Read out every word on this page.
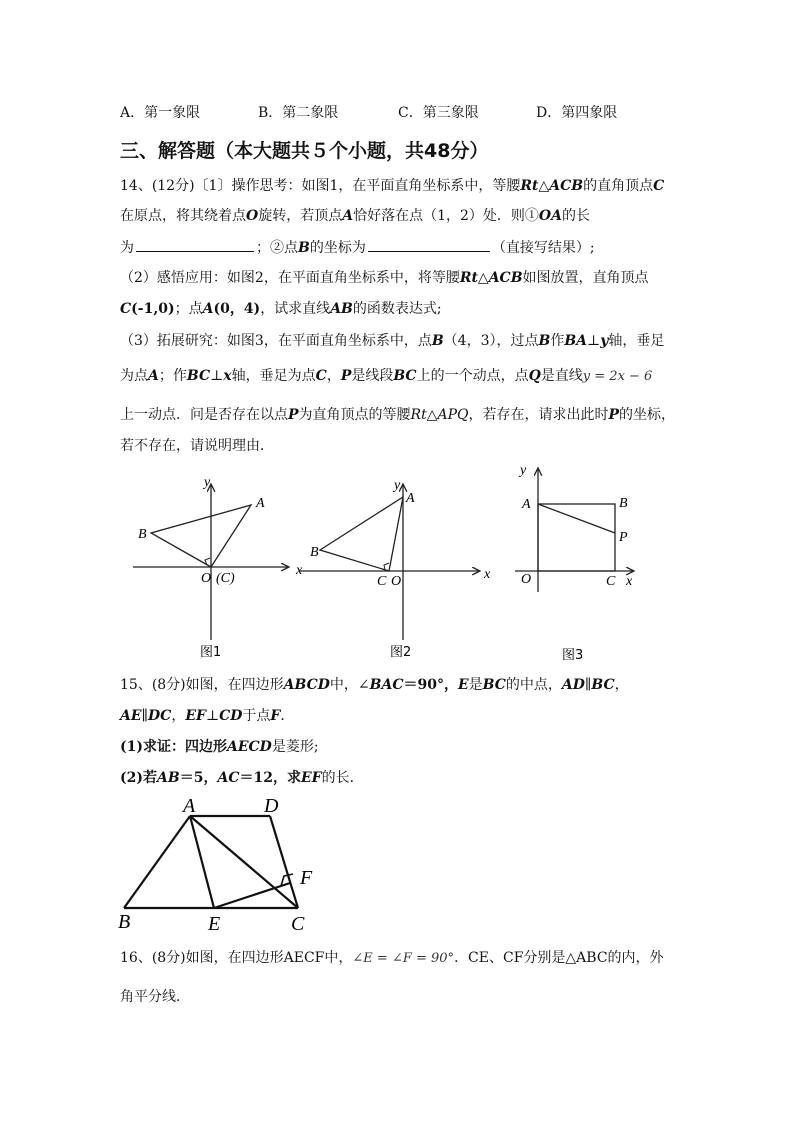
A．第一象限	B．第二象限	C．第三象限	D．第四象限
三、解答题（本大题共５个小题，共48分）
14、(12分)〔1〕操作思考：如图1，在平面直角坐标系中，等腰Rt△ACB的直角顶点C
在原点，将其绕着点O旋转，若顶点A恰好落在点（1，2）处．则①OA的长
为	；②点B的坐标为	（直接写结果）;
（2）感悟应用：如图2，在平面直角坐标系中，将等腰Rt△ACB如图放置，直角顶点
C(-1,0)；点A(0，4)，试求直线AB的函数表达式;
（3）拓展研究：如图3，在平面直角坐标系中，点B（4，3），过点B作BA⊥y轴，垂足
为点A；作BC⊥x轴，垂足为点C，P是线段BC上的一个动点，点Q是直线y = 2x − 6
上一动点．问是否存在以点P为直角顶点的等腰Rt△APQ，若存在，请求出此时P的坐标，
若不存在，请说明理由．
y
x
A
B
O (C)
图1
y
x
A
B
C O
图2
y
x
A	B
P
O	C
图3
A	D
F
B	E	C
15、(8分)如图，在四边形ABCD中，∠BAC＝90°，E是BC的中点，AD∥BC，
AE∥DC，EF⊥CD于点F．
(1)求证：四边形AECD是菱形;
(2)若AB＝5，AC＝12，求EF的长．
16、(8分)如图，在四边形AECF中，∠E = ∠F = 90°．CE、CF分别是△ABC的内，外
角平分线．
